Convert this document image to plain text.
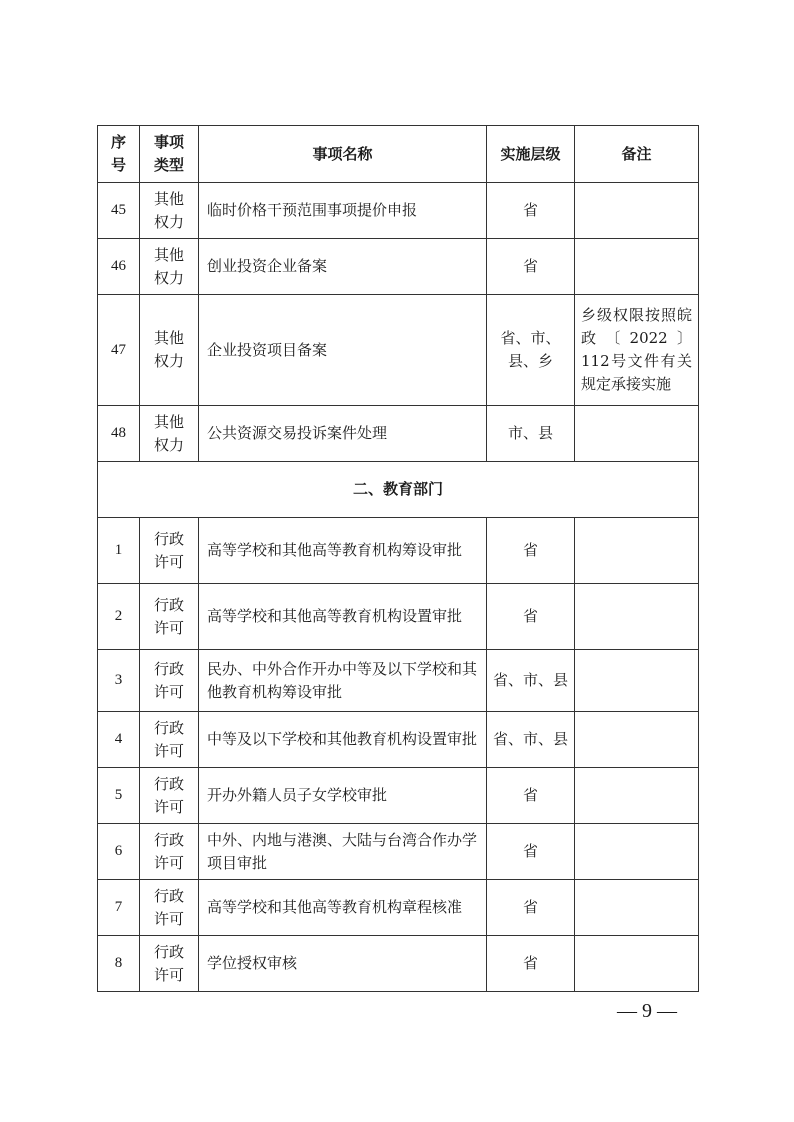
序号	事项类型	事项名称	实施层级	备注
45	其他权力	临时价格干预范围事项提价申报	省	
46	其他权力	创业投资企业备案	省	
47	其他权力	企业投资项目备案	省、市、县、乡	乡级权限按照皖政〔2022〕112号文件有关规定承接实施
48	其他权力	公共资源交易投诉案件处理	市、县	
二、教育部门				
1	行政许可	高等学校和其他高等教育机构筹设审批	省	
2	行政许可	高等学校和其他高等教育机构设置审批	省	
3	行政许可	民办、中外合作开办中等及以下学校和其他教育机构筹设审批	省、市、县	
4	行政许可	中等及以下学校和其他教育机构设置审批	省、市、县	
5	行政许可	开办外籍人员子女学校审批	省	
6	行政许可	中外、内地与港澳、大陆与台湾合作办学项目审批	省	
7	行政许可	高等学校和其他高等教育机构章程核准	省	
8	行政许可	学位授权审核	省	
— 9 —
